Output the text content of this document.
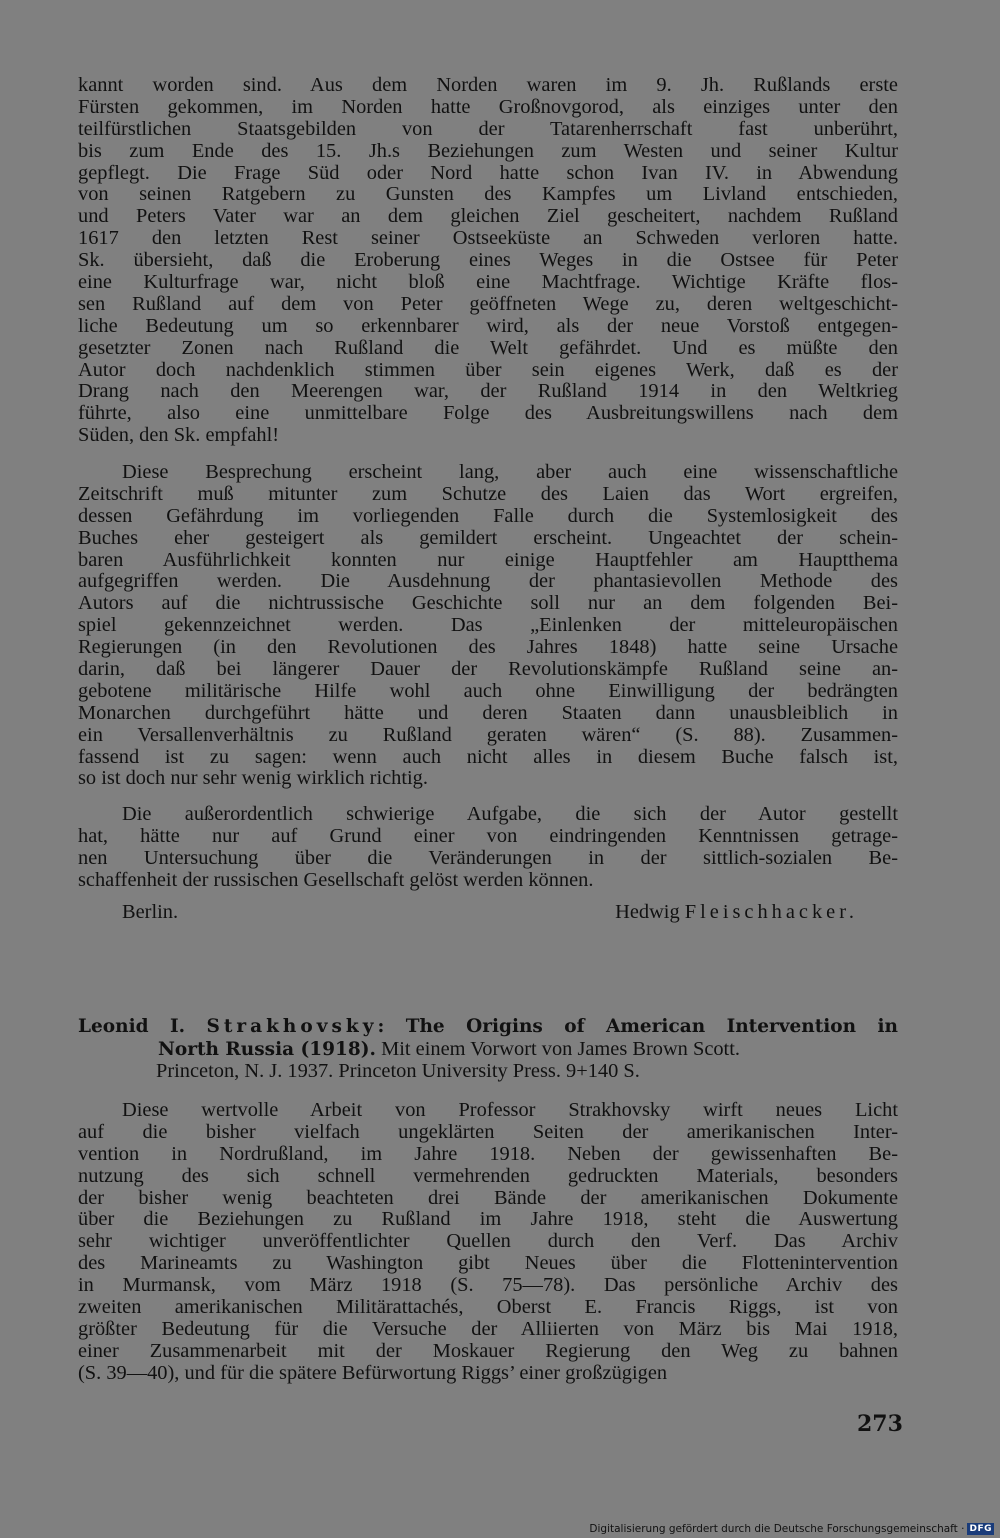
kannt worden sind. Aus dem Norden waren im 9. Jh. Rußlands erste
Fürsten gekommen, im Norden hatte Großnovgorod, als einziges unter den
teilfürstlichen Staatsgebilden von der Tatarenherrschaft fast unberührt,
bis zum Ende des 15. Jh.s Beziehungen zum Westen und seiner Kultur
gepflegt. Die Frage Süd oder Nord hatte schon Ivan IV. in Abwendung
von seinen Ratgebern zu Gunsten des Kampfes um Livland entschieden,
und Peters Vater war an dem gleichen Ziel gescheitert, nachdem Rußland
1617 den letzten Rest seiner Ostseeküste an Schweden verloren hatte.
Sk. übersieht, daß die Eroberung eines Weges in die Ostsee für Peter
eine Kulturfrage war, nicht bloß eine Machtfrage. Wichtige Kräfte flos-
sen Rußland auf dem von Peter geöffneten Wege zu, deren weltgeschicht-
liche Bedeutung um so erkennbarer wird, als der neue Vorstoß entgegen-
gesetzter Zonen nach Rußland die Welt gefährdet. Und es müßte den
Autor doch nachdenklich stimmen über sein eigenes Werk, daß es der
Drang nach den Meerengen war, der Rußland 1914 in den Weltkrieg
führte, also eine unmittelbare Folge des Ausbreitungswillens nach dem
Süden, den Sk. empfahl!
Diese Besprechung erscheint lang, aber auch eine wissenschaftliche
Zeitschrift muß mitunter zum Schutze des Laien das Wort ergreifen,
dessen Gefährdung im vorliegenden Falle durch die Systemlosigkeit des
Buches eher gesteigert als gemildert erscheint. Ungeachtet der schein-
baren Ausführlichkeit konnten nur einige Hauptfehler am Hauptthema
aufgegriffen werden. Die Ausdehnung der phantasievollen Methode des
Autors auf die nichtrussische Geschichte soll nur an dem folgenden Bei-
spiel gekennzeichnet werden. Das „Einlenken der mitteleuropäischen
Regierungen (in den Revolutionen des Jahres 1848) hatte seine Ursache
darin, daß bei längerer Dauer der Revolutionskämpfe Rußland seine an-
gebotene militärische Hilfe wohl auch ohne Einwilligung der bedrängten
Monarchen durchgeführt hätte und deren Staaten dann unausbleiblich in
ein Versallenverhältnis zu Rußland geraten wären“ (S. 88). Zusammen-
fassend ist zu sagen: wenn auch nicht alles in diesem Buche falsch ist,
so ist doch nur sehr wenig wirklich richtig.
Die außerordentlich schwierige Aufgabe, die sich der Autor gestellt
hat, hätte nur auf Grund einer von eindringenden Kenntnissen getrage-
nen Untersuchung über die Veränderungen in der sittlich-sozialen Be-
schaffenheit der russischen Gesellschaft gelöst werden können.
Berlin.	Hedwig Fleischhacker.
Leonid I. Strakhovsky: The Origins of American Intervention in
North Russia (1918). Mit einem Vorwort von James Brown Scott.
Princeton, N. J. 1937. Princeton University Press. 9+140 S.
Diese wertvolle Arbeit von Professor Strakhovsky wirft neues Licht
auf die bisher vielfach ungeklärten Seiten der amerikanischen Inter-
vention in Nordrußland, im Jahre 1918. Neben der gewissenhaften Be-
nutzung des sich schnell vermehrenden gedruckten Materials, besonders
der bisher wenig beachteten drei Bände der amerikanischen Dokumente
über die Beziehungen zu Rußland im Jahre 1918, steht die Auswertung
sehr wichtiger unveröffentlichter Quellen durch den Verf. Das Archiv
des Marineamts zu Washington gibt Neues über die Flottenintervention
in Murmansk, vom März 1918 (S. 75—78). Das persönliche Archiv des
zweiten amerikanischen Militärattachés, Oberst E. Francis Riggs, ist von
größter Bedeutung für die Versuche der Alliierten von März bis Mai 1918,
einer Zusammenarbeit mit der Moskauer Regierung den Weg zu bahnen
(S. 39—40), und für die spätere Befürwortung Riggs’ einer großzügigen
273
Digitalisierung gefördert durch die Deutsche Forschungsgemeinschaft · DFG
